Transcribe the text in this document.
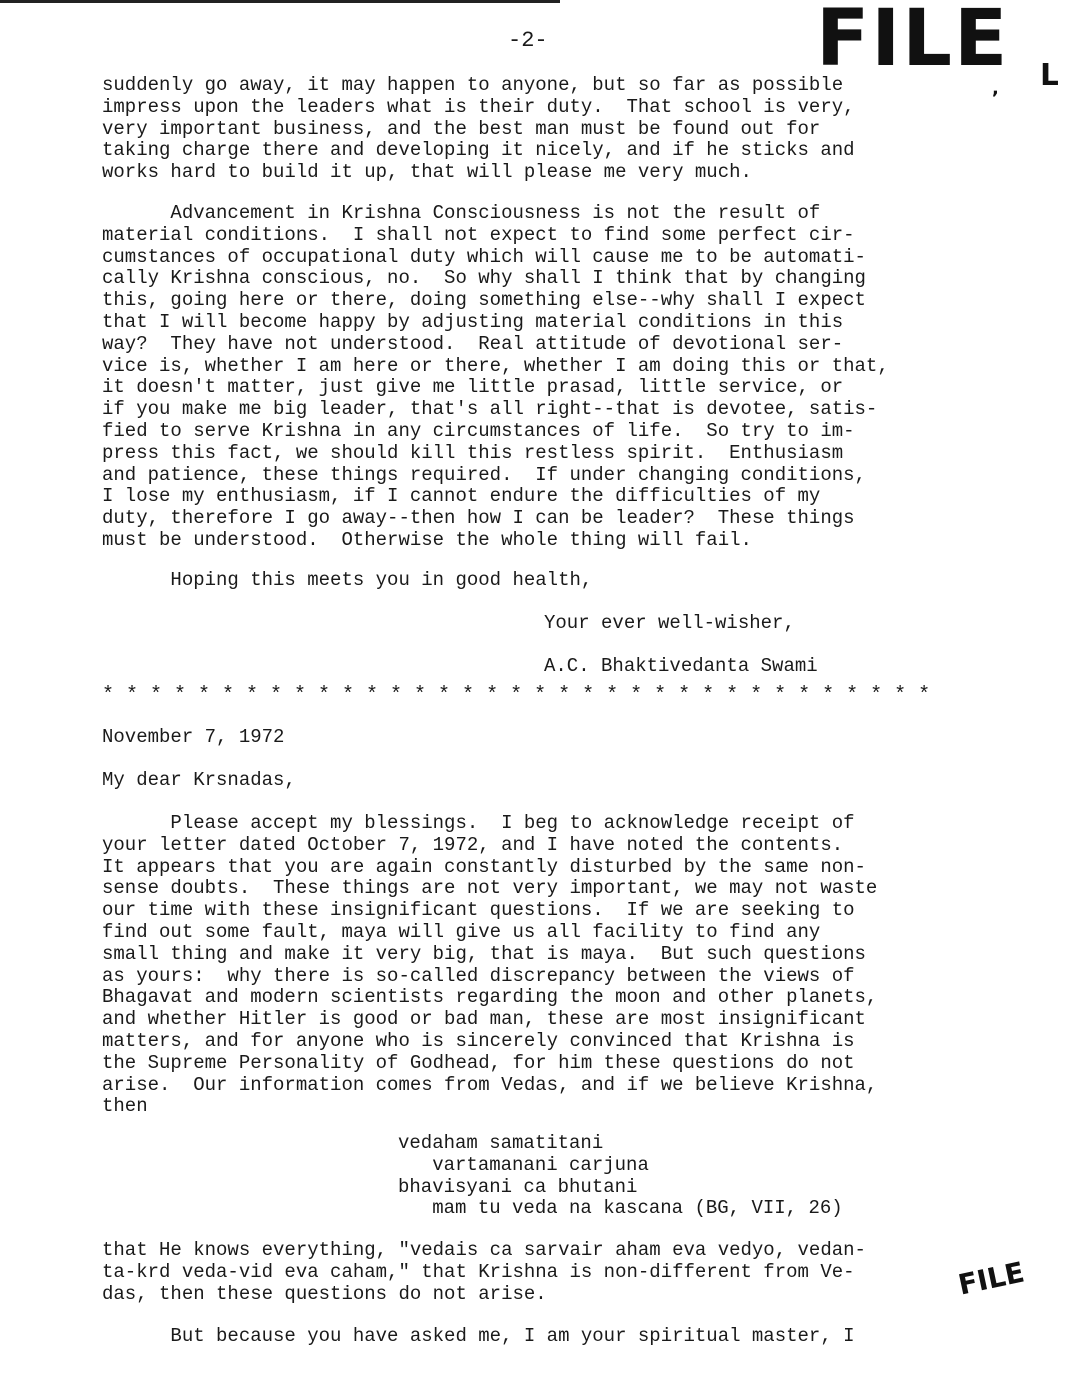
-2-	FILE ᒪ
,
suddenly go away, it may happen to anyone, but so far as possible
impress upon the leaders what is their duty.  That school is very,
very important business, and the best man must be found out for
taking charge there and developing it nicely, and if he sticks and
works hard to build it up, that will please me very much.
Advancement in Krishna Consciousness is not the result of
material conditions.  I shall not expect to find some perfect cir-
cumstances of occupational duty which will cause me to be automati-
cally Krishna conscious, no.  So why shall I think that by changing
this, going here or there, doing something else--why shall I expect
that I will become happy by adjusting material conditions in this
way?  They have not understood.  Real attitude of devotional ser-
vice is, whether I am here or there, whether I am doing this or that,
it doesn't matter, just give me little prasad, little service, or
if you make me big leader, that's all right--that is devotee, satis-
fied to serve Krishna in any circumstances of life.  So try to im-
press this fact, we should kill this restless spirit.  Enthusiasm
and patience, these things required.  If under changing conditions,
I lose my enthusiasm, if I cannot endure the difficulties of my
duty, therefore I go away--then how I can be leader?  These things
must be understood.  Otherwise the whole thing will fail.
Hoping this meets you in good health,
Your ever well-wisher,
A.C. Bhaktivedanta Swami
* * * * * * * * * * * * * * * * * * * * * * * * * * * * * * * * * * *
November 7, 1972
My dear Krsnadas,
Please accept my blessings.  I beg to acknowledge receipt of
your letter dated October 7, 1972, and I have noted the contents.
It appears that you are again constantly disturbed by the same non-
sense doubts.  These things are not very important, we may not waste
our time with these insignificant questions.  If we are seeking to
find out some fault, maya will give us all facility to find any
small thing and make it very big, that is maya.  But such questions
as yours:  why there is so-called discrepancy between the views of
Bhagavat and modern scientists regarding the moon and other planets,
and whether Hitler is good or bad man, these are most insignificant
matters, and for anyone who is sincerely convinced that Krishna is
the Supreme Personality of Godhead, for him these questions do not
arise.  Our information comes from Vedas, and if we believe Krishna,
then
vedaham samatitani
vartamanani carjuna
bhavisyani ca bhutani
mam tu veda na kascana (BG, VII, 26)
that He knows everything, "vedais ca sarvair aham eva vedyo, vedan-
ta-krd veda-vid eva caham," that Krishna is non-different from Ve-
das, then these questions do not arise.
But because you have asked me, I am your spiritual master, I
FILE
